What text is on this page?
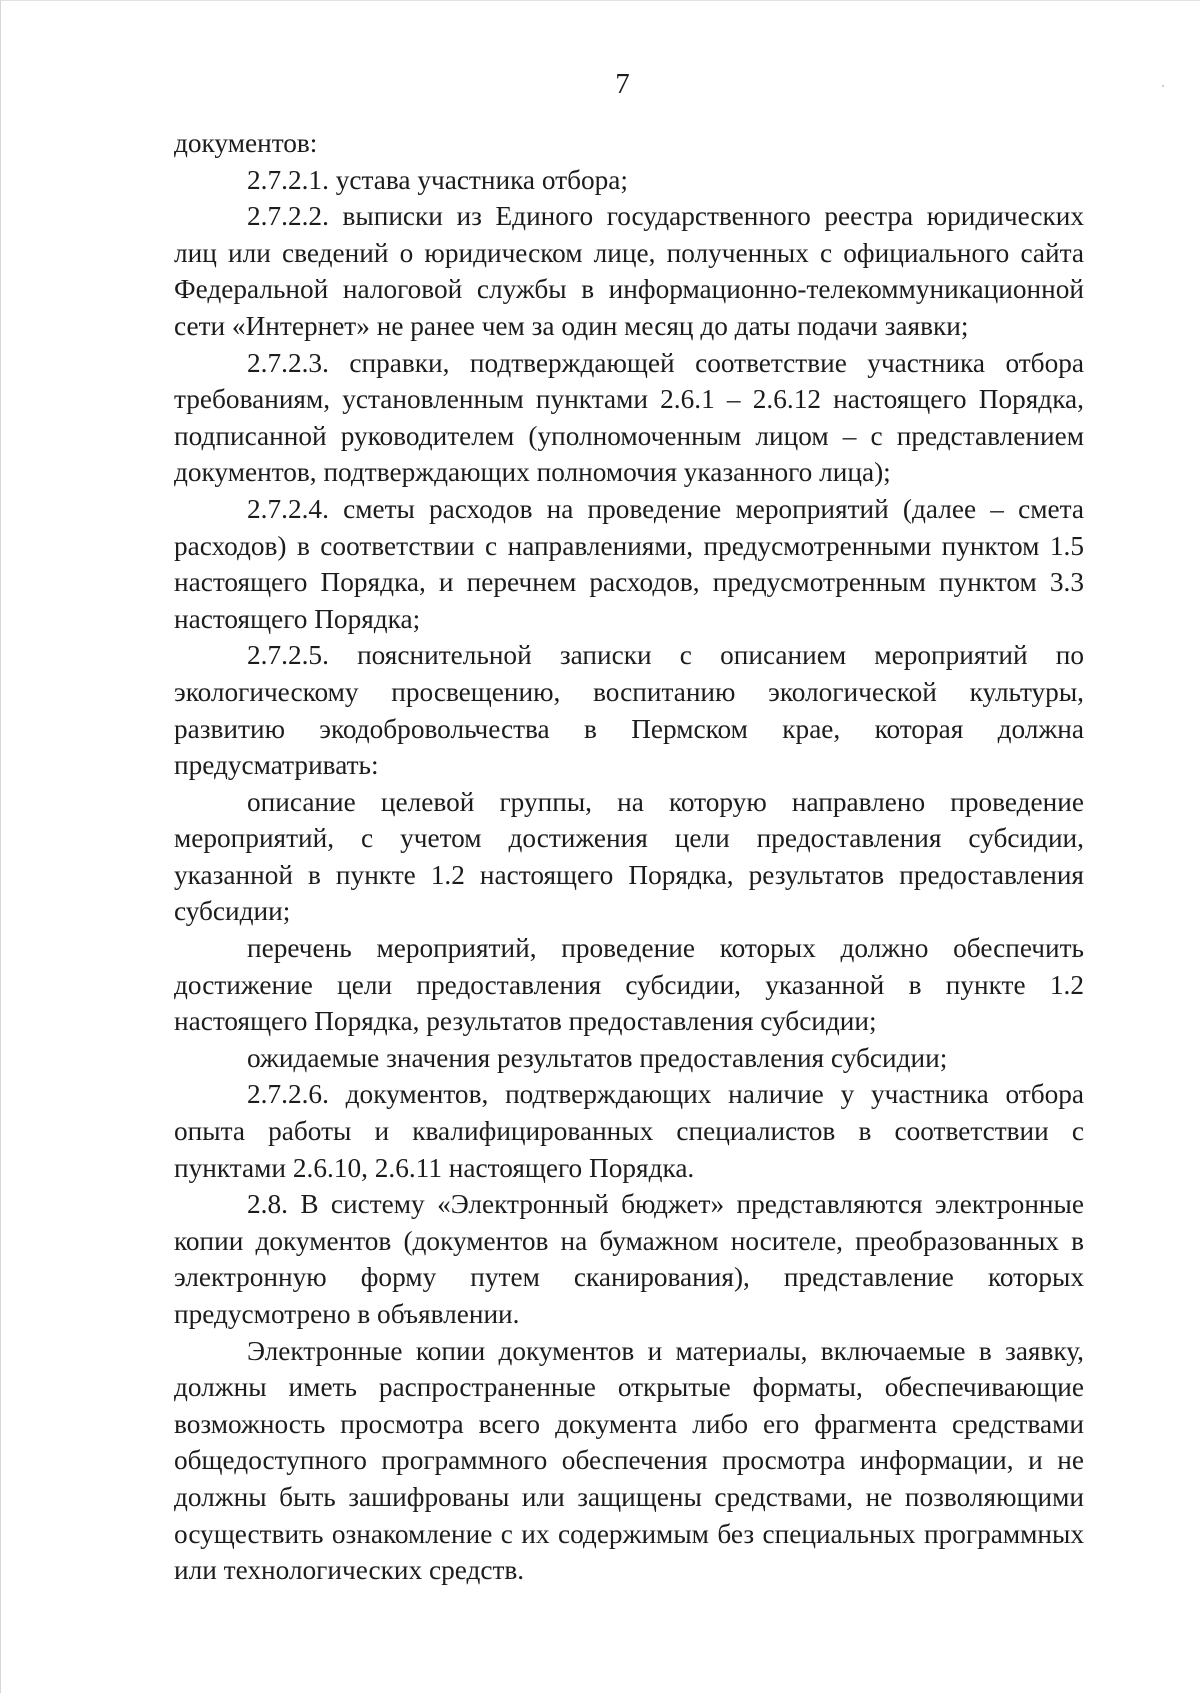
7

документов:

2.7.2.1. устава участника отбора;

2.7.2.2. выписки из Единого государственного реестра юридических лиц или сведений о юридическом лице, полученных с официального сайта Федеральной налоговой службы в информационно-телекоммуникационной сети «Интернет» не ранее чем за один месяц до даты подачи заявки;

2.7.2.3. справки, подтверждающей соответствие участника отбора требованиям, установленным пунктами 2.6.1 – 2.6.12 настоящего Порядка, подписанной руководителем (уполномоченным лицом – с представлением документов, подтверждающих полномочия указанного лица);

2.7.2.4. сметы расходов на проведение мероприятий (далее – смета расходов) в соответствии с направлениями, предусмотренными пунктом 1.5 настоящего Порядка, и перечнем расходов, предусмотренным пунктом 3.3 настоящего Порядка;

2.7.2.5. пояснительной записки с описанием мероприятий по экологическому просвещению, воспитанию экологической культуры, развитию экодобровольчества в Пермском крае, которая должна предусматривать:

описание целевой группы, на которую направлено проведение мероприятий, с учетом достижения цели предоставления субсидии, указанной в пункте 1.2 настоящего Порядка, результатов предоставления субсидии;

перечень мероприятий, проведение которых должно обеспечить достижение цели предоставления субсидии, указанной в пункте 1.2 настоящего Порядка, результатов предоставления субсидии;

ожидаемые значения результатов предоставления субсидии;

2.7.2.6. документов, подтверждающих наличие у участника отбора опыта работы и квалифицированных специалистов в соответствии с пунктами 2.6.10, 2.6.11 настоящего Порядка.

2.8. В систему «Электронный бюджет» представляются электронные копии документов (документов на бумажном носителе, преобразованных в электронную форму путем сканирования), представление которых предусмотрено в объявлении.

Электронные копии документов и материалы, включаемые в заявку, должны иметь распространенные открытые форматы, обеспечивающие возможность просмотра всего документа либо его фрагмента средствами общедоступного программного обеспечения просмотра информации, и не должны быть зашифрованы или защищены средствами, не позволяющими осуществить ознакомление с их содержимым без специальных программных или технологических средств.
